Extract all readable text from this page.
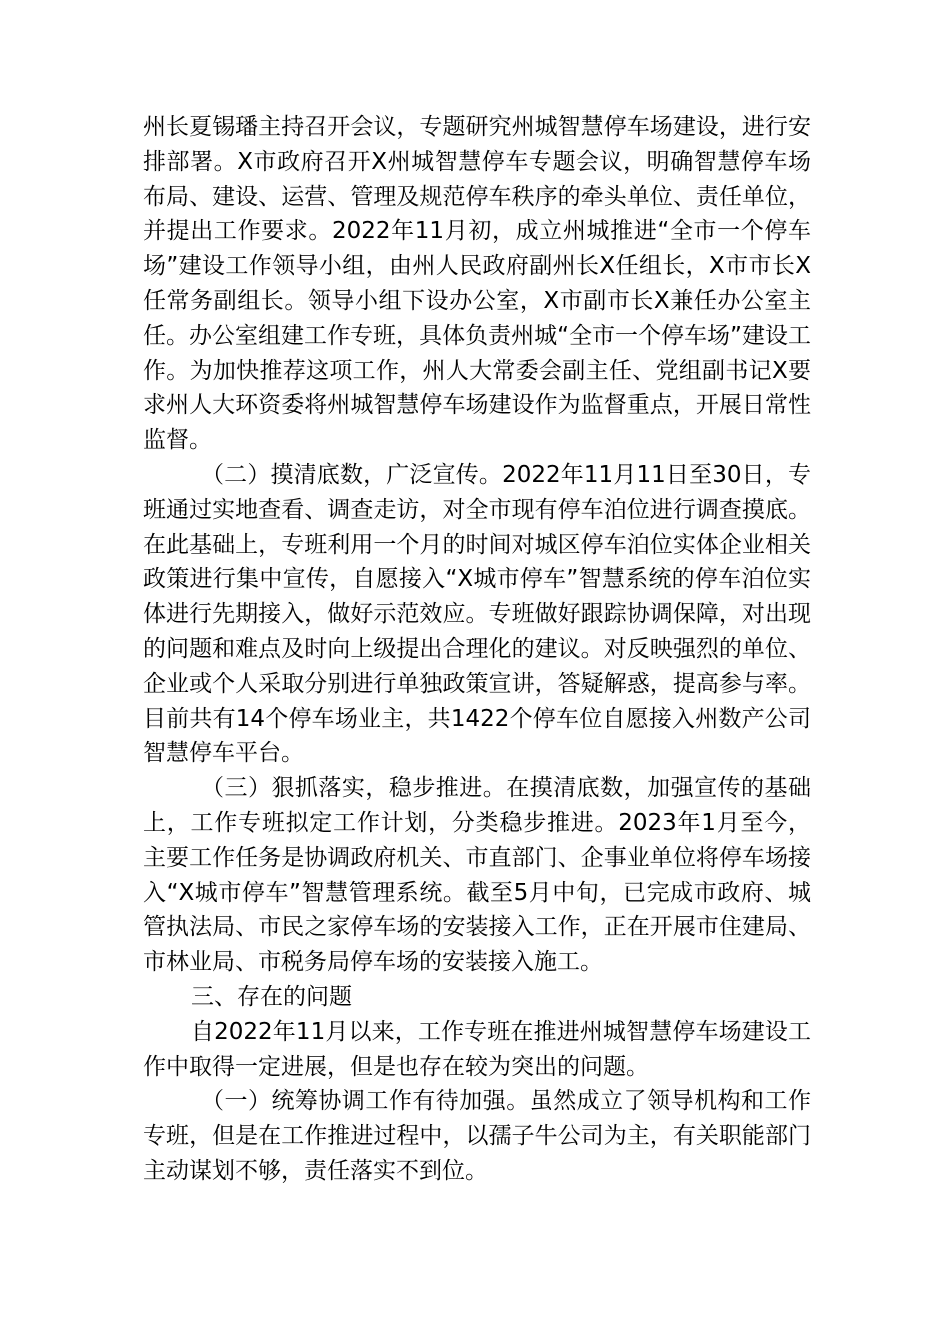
州长夏锡璠主持召开会议，专题研究州城智慧停车场建设，进行安排部署。X市政府召开X州城智慧停车专题会议，明确智慧停车场布局、建设、运营、管理及规范停车秩序的牵头单位、责任单位，并提出工作要求。2022年11月初，成立州城推进“全市一个停车场”建设工作领导小组，由州人民政府副州长X任组长，X市市长X任常务副组长。领导小组下设办公室，X市副市长X兼任办公室主任。办公室组建工作专班，具体负责州城“全市一个停车场”建设工作。为加快推荐这项工作，州人大常委会副主任、党组副书记X要求州人大环资委将州城智慧停车场建设作为监督重点，开展日常性监督。

（二）摸清底数，广泛宣传。2022年11月11日至30日，专班通过实地查看、调查走访，对全市现有停车泊位进行调查摸底。在此基础上，专班利用一个月的时间对城区停车泊位实体企业相关政策进行集中宣传，自愿接入“X城市停车”智慧系统的停车泊位实体进行先期接入，做好示范效应。专班做好跟踪协调保障，对出现的问题和难点及时向上级提出合理化的建议。对反映强烈的单位、企业或个人采取分别进行单独政策宣讲，答疑解惑，提高参与率。目前共有14个停车场业主，共1422个停车位自愿接入州数产公司智慧停车平台。

（三）狠抓落实，稳步推进。在摸清底数，加强宣传的基础上，工作专班拟定工作计划，分类稳步推进。2023年1月至今，主要工作任务是协调政府机关、市直部门、企事业单位将停车场接入“X城市停车”智慧管理系统。截至5月中旬，已完成市政府、城管执法局、市民之家停车场的安装接入工作，正在开展市住建局、市林业局、市税务局停车场的安装接入施工。

三、存在的问题

自2022年11月以来，工作专班在推进州城智慧停车场建设工作中取得一定进展，但是也存在较为突出的问题。

（一）统筹协调工作有待加强。虽然成立了领导机构和工作专班，但是在工作推进过程中，以孺子牛公司为主，有关职能部门主动谋划不够，责任落实不到位。
